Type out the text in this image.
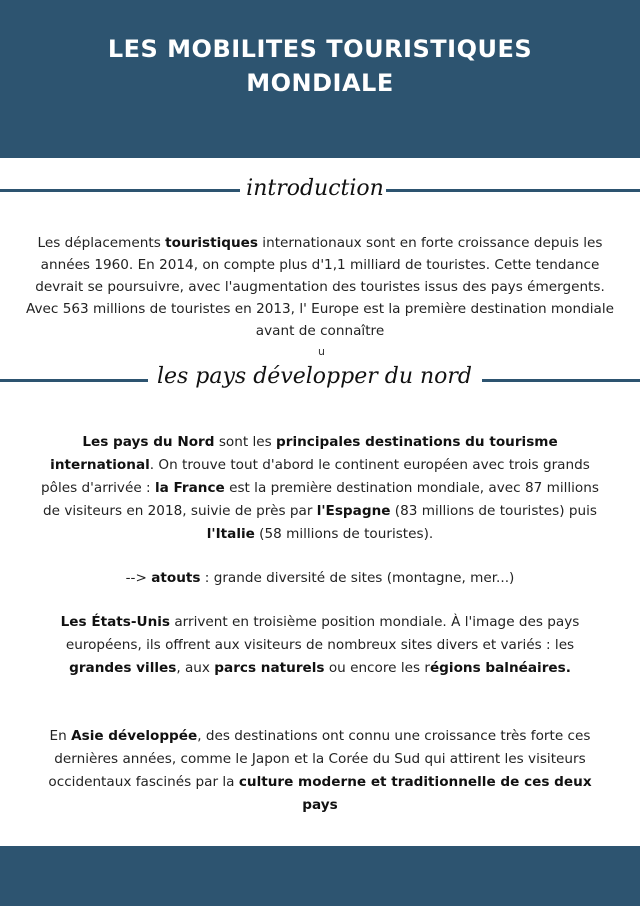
LES MOBILITES TOURISTIQUES
MONDIALE
introduction
Les déplacements touristiques internationaux sont en forte croissance depuis les années 1960. En 2014, on compte plus d'1,1 milliard de touristes. Cette tendance devrait se poursuivre, avec l'augmentation des touristes issus des pays émergents. Avec 563 millions de touristes en 2013, l' Europe est la première destination mondiale avant de connaître
u
les pays développer du nord
Les pays du Nord sont les principales destinations du tourisme international. On trouve tout d'abord le continent européen avec trois grands pôles d'arrivée : la France est la première destination mondiale, avec 87 millions de visiteurs en 2018, suivie de près par l'Espagne (83 millions de touristes) puis l'Italie (58 millions de touristes).
--> atouts : grande diversité de sites (montagne, mer...)
Les États-Unis arrivent en troisième position mondiale. À l'image des pays européens, ils offrent aux visiteurs de nombreux sites divers et variés : les grandes villes, aux parcs naturels ou encore les régions balnéaires.
En Asie développée, des destinations ont connu une croissance très forte ces dernières années, comme le Japon et la Corée du Sud qui attirent les visiteurs occidentaux fascinés par la culture moderne et traditionnelle de ces deux pays
